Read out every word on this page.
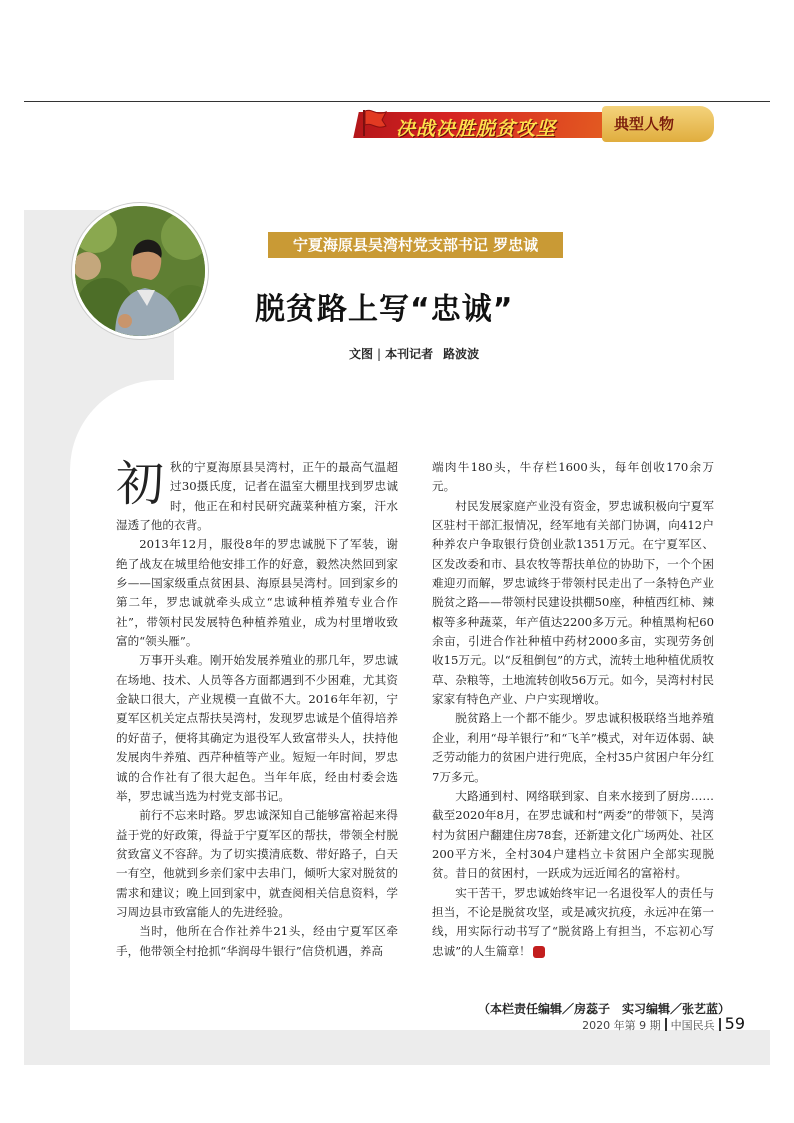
决战决胜脱贫攻坚	典型人物
宁夏海原县吴湾村党支部书记 罗忠诚
脱贫路上写“忠诚”
文图 | 本刊记者 路波波

初秋的宁夏海原县吴湾村，正午的最高气温超过30摄氏度，记者在温室大棚里找到罗忠诚时，他正在和村民研究蔬菜种植方案，汗水湿透了他的衣背。

2013年12月，服役8年的罗忠诚脱下了军装，谢绝了战友在城里给他安排工作的好意，毅然决然回到家乡——国家级重点贫困县、海原县吴湾村。回到家乡的第二年，罗忠诚就牵头成立“忠诚种植养殖专业合作社”，带领村民发展特色种植养殖业，成为村里增收致富的“领头雁”。

万事开头难。刚开始发展养殖业的那几年，罗忠诚在场地、技术、人员等各方面都遇到不少困难，尤其资金缺口很大，产业规模一直做不大。2016年年初，宁夏军区机关定点帮扶吴湾村，发现罗忠诚是个值得培养的好苗子，便将其确定为退役军人致富带头人，扶持他发展肉牛养殖、西芹种植等产业。短短一年时间，罗忠诚的合作社有了很大起色。当年年底，经由村委会选举，罗忠诚当选为村党支部书记。

前行不忘来时路。罗忠诚深知自己能够富裕起来得益于党的好政策，得益于宁夏军区的帮扶，带领全村脱贫致富义不容辞。为了切实摸清底数、带好路子，白天一有空，他就到乡亲们家中去串门，倾听大家对脱贫的需求和建议；晚上回到家中，就查阅相关信息资料，学习周边县市致富能人的先进经验。

当时，他所在合作社养牛21头，经由宁夏军区牵手，他带领全村抢抓“华润母牛银行”信贷机遇，养高

端肉牛180头，牛存栏1600头，每年创收170余万元。

村民发展家庭产业没有资金，罗忠诚积极向宁夏军区驻村干部汇报情况，经军地有关部门协调，向412户种养农户争取银行贷创业款1351万元。在宁夏军区、区发改委和市、县农牧等帮扶单位的协助下，一个个困难迎刃而解，罗忠诚终于带领村民走出了一条特色产业脱贫之路——带领村民建设拱棚50座，种植西红柿、辣椒等多种蔬菜，年产值达2200多万元。种植黑枸杞60余亩，引进合作社种植中药材2000多亩，实现劳务创收15万元。以“反租倒包”的方式，流转土地种植优质牧草、杂粮等，土地流转创收56万元。如今，吴湾村村民家家有特色产业、户户实现增收。

脱贫路上一个都不能少。罗忠诚积极联络当地养殖企业，利用“母羊银行”和“飞羊”模式，对年迈体弱、缺乏劳动能力的贫困户进行兜底，全村35户贫困户年分红7万多元。

大路通到村、网络联到家、自来水接到了厨房……截至2020年8月，在罗忠诚和村“两委”的带领下，吴湾村为贫困户翻建住房78套，还新建文化广场两处、社区200平方米，全村304户建档立卡贫困户全部实现脱贫。昔日的贫困村，一跃成为远近闻名的富裕村。

实干苦干，罗忠诚始终牢记一名退役军人的责任与担当，不论是脱贫攻坚，或是减灾抗疫，永远冲在第一线，用实际行动书写了“脱贫路上有担当，不忘初心写忠诚”的人生篇章！

（本栏责任编辑／房蕊子　实习编辑／张艺蓝）
2020 年第 9 期 中国民兵 59
